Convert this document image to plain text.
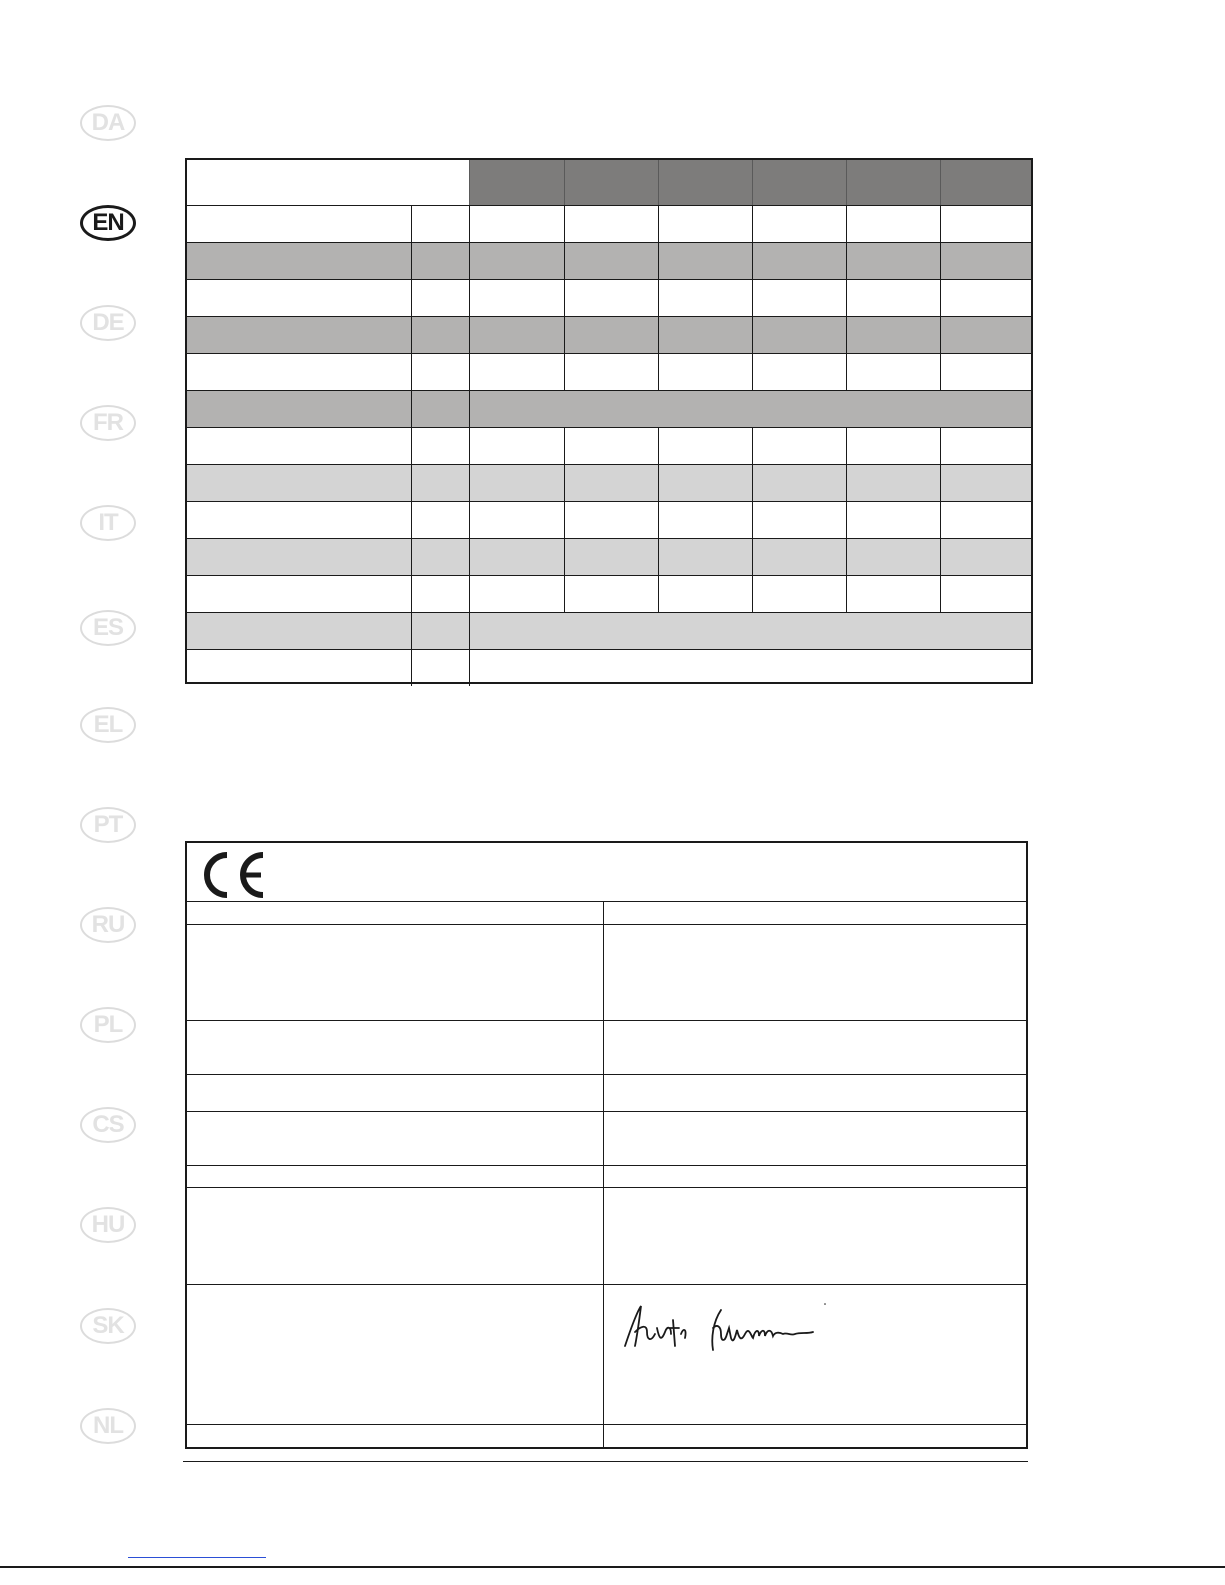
DA
EN
DE
FR
IT
ES
EL
PT
RU
PL
CS
HU
SK
NL
